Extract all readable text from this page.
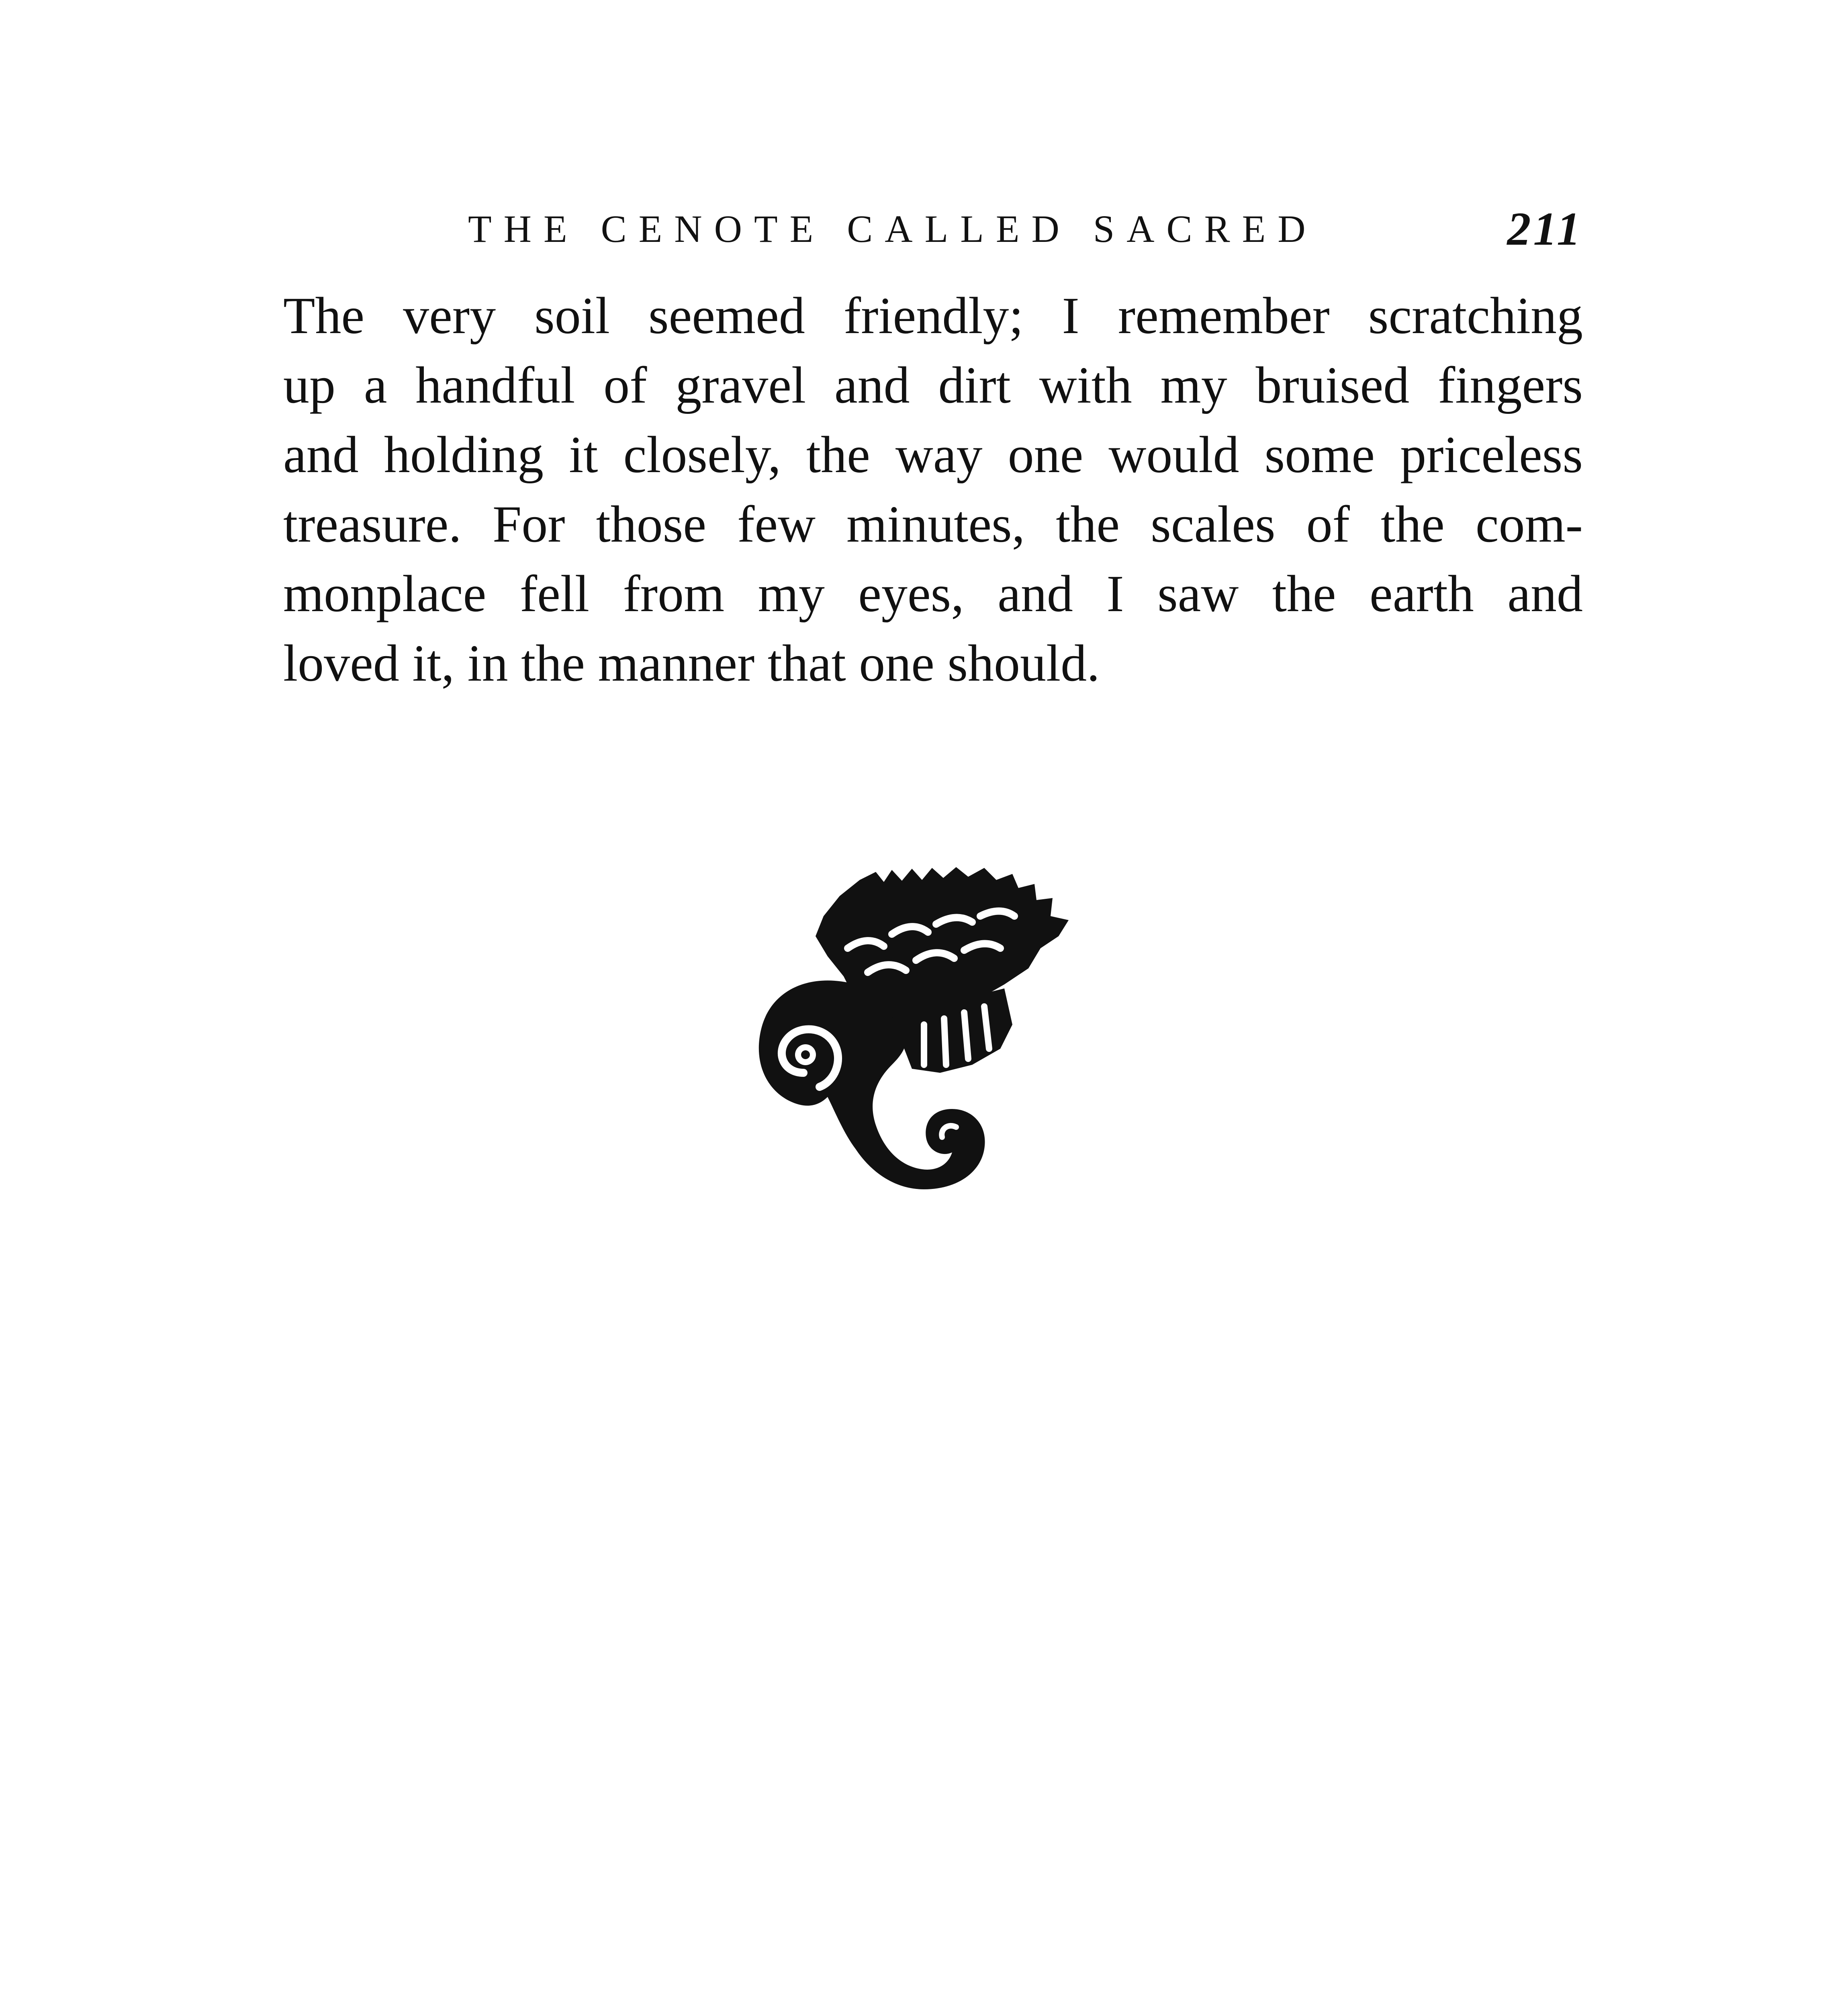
THE CENOTE CALLED SACRED	211
The very soil seemed friendly; I remember scratching
up a handful of gravel and dirt with my bruised fingers
and holding it closely, the way one would some priceless
treasure. For those few minutes, the scales of the com-
monplace fell from my eyes, and I saw the earth and
loved it, in the manner that one should.
